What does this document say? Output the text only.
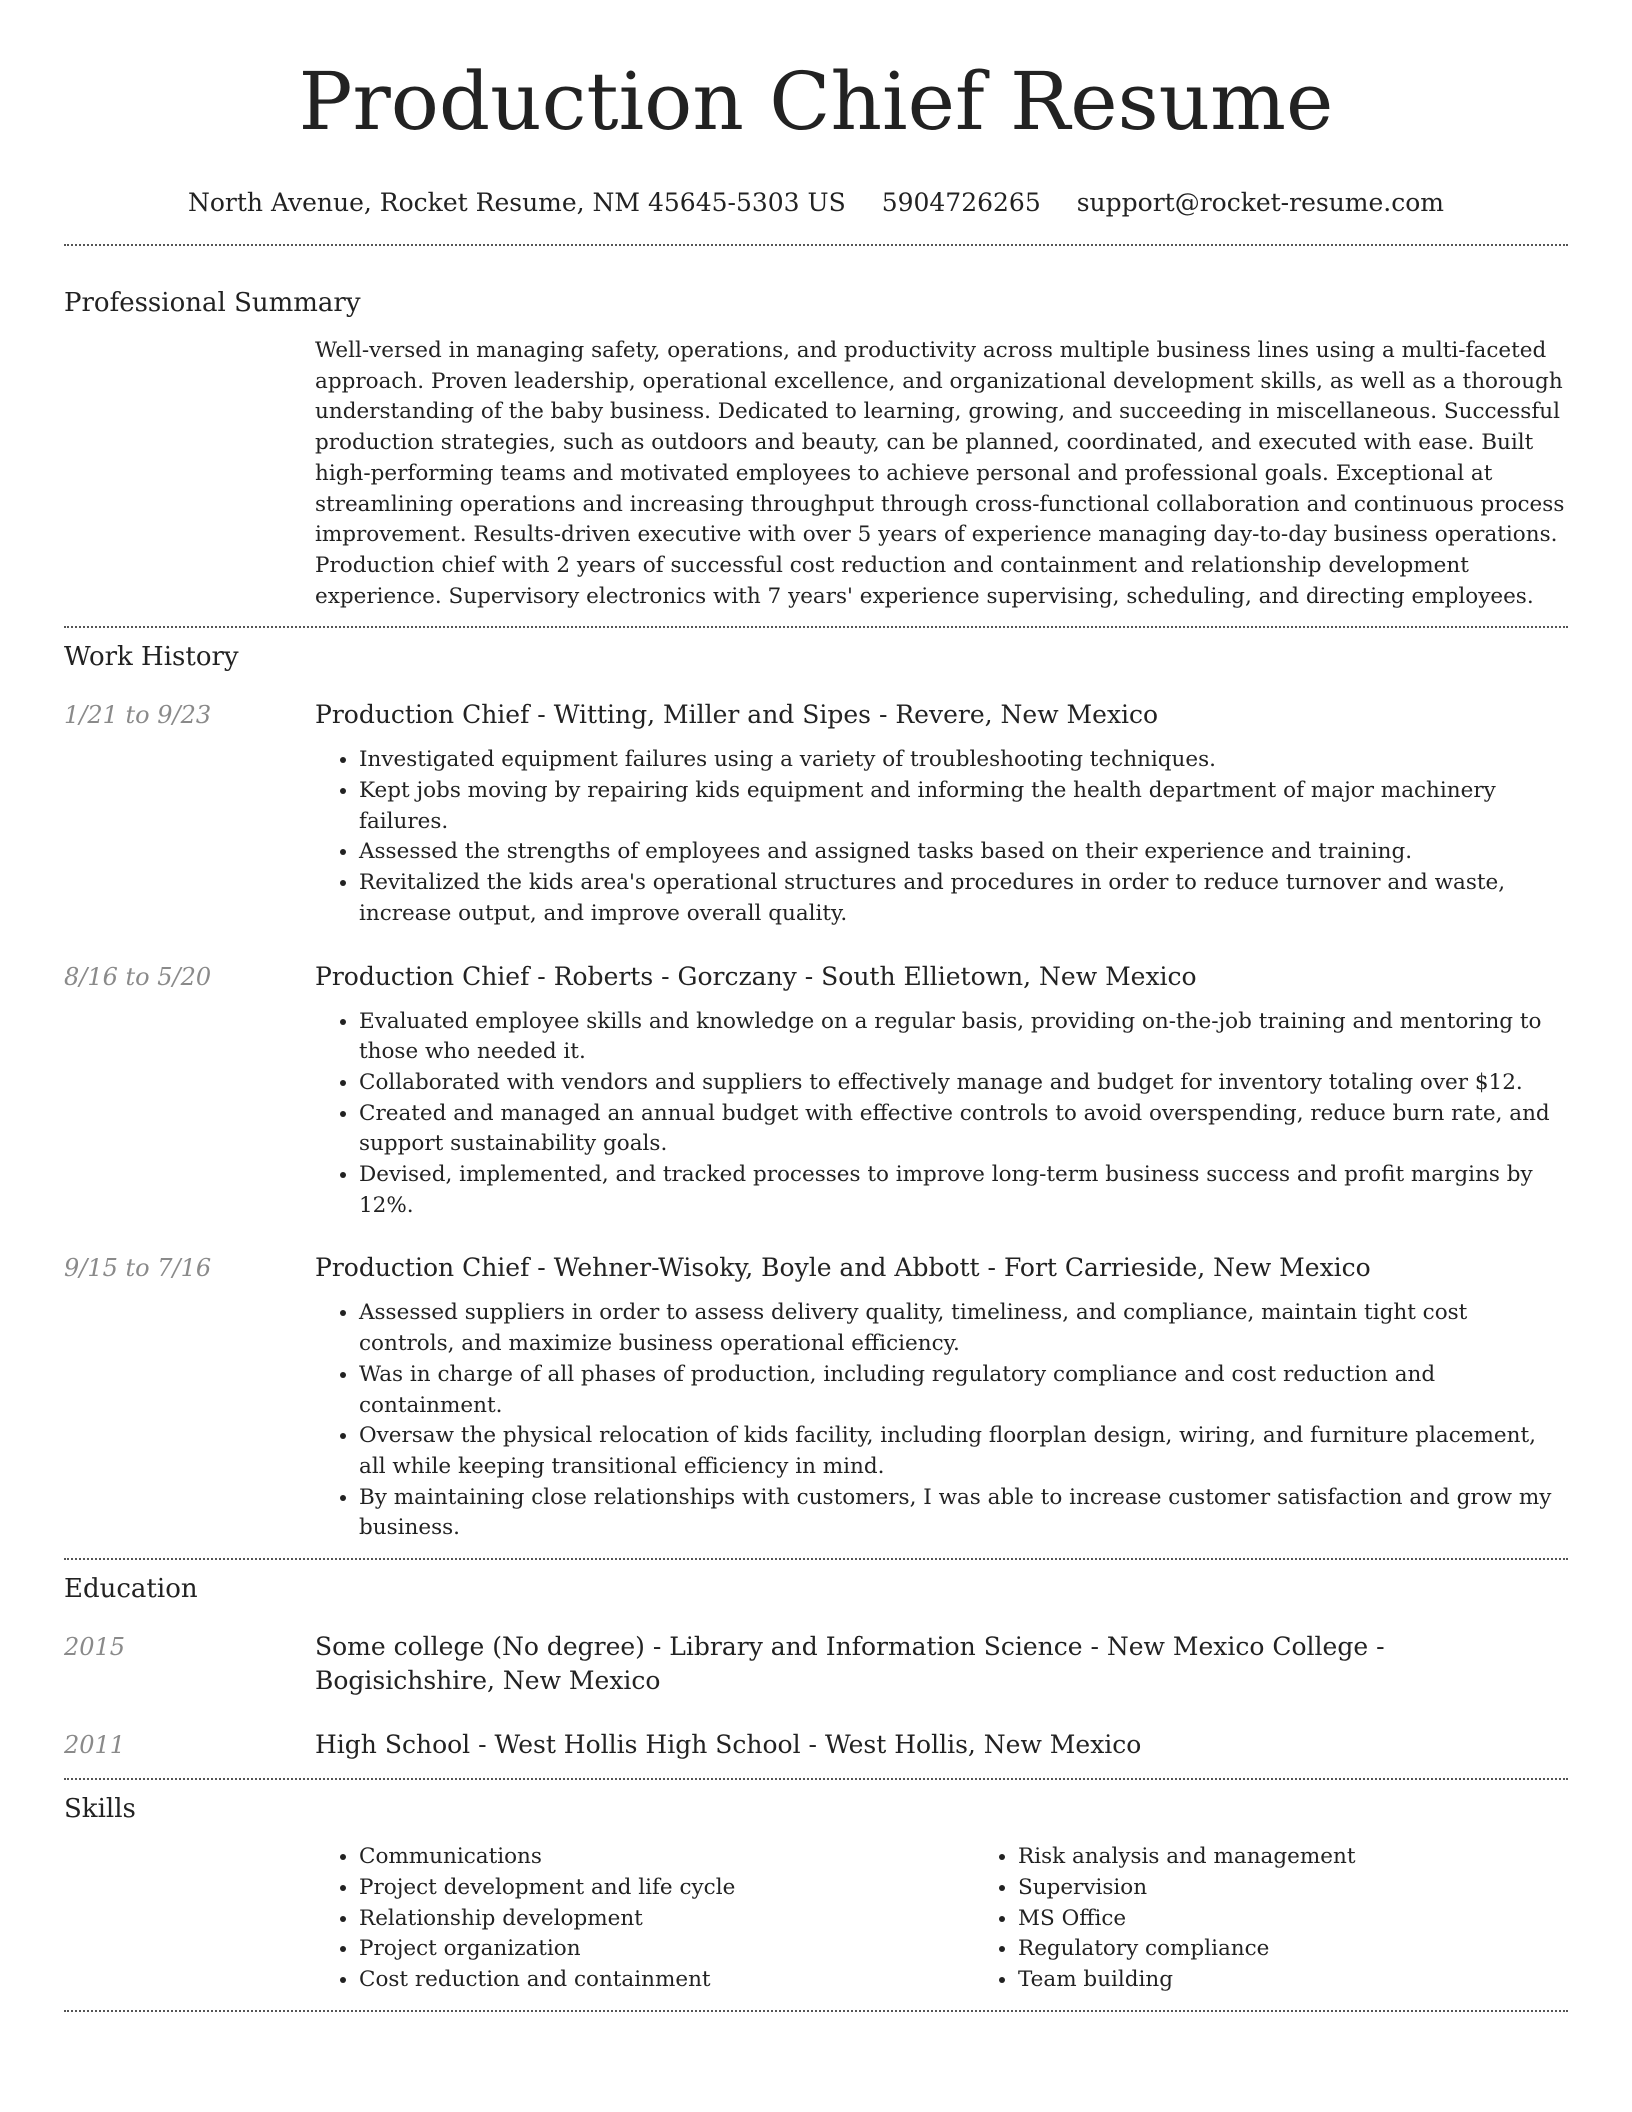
Production Chief Resume
North Avenue, Rocket Resume, NM 45645-5303 US 5904726265 support@rocket-resume.com
Professional Summary
Well-versed in managing safety, operations, and productivity across multiple business lines using a multi-faceted approach. Proven leadership, operational excellence, and organizational development skills, as well as a thorough understanding of the baby business. Dedicated to learning, growing, and succeeding in miscellaneous. Successful production strategies, such as outdoors and beauty, can be planned, coordinated, and executed with ease. Built high-performing teams and motivated employees to achieve personal and professional goals. Exceptional at streamlining operations and increasing throughput through cross-functional collaboration and continuous process improvement. Results-driven executive with over 5 years of experience managing day-to-day business operations. Production chief with 2 years of successful cost reduction and containment and relationship development experience. Supervisory electronics with 7 years' experience supervising, scheduling, and directing employees.
Work History
1/21 to 9/23	Production Chief - Witting, Miller and Sipes - Revere, New Mexico
• Investigated equipment failures using a variety of troubleshooting techniques.
• Kept jobs moving by repairing kids equipment and informing the health department of major machinery failures.
• Assessed the strengths of employees and assigned tasks based on their experience and training.
• Revitalized the kids area's operational structures and procedures in order to reduce turnover and waste, increase output, and improve overall quality.
8/16 to 5/20	Production Chief - Roberts - Gorczany - South Ellietown, New Mexico
• Evaluated employee skills and knowledge on a regular basis, providing on-the-job training and mentoring to those who needed it.
• Collaborated with vendors and suppliers to effectively manage and budget for inventory totaling over $12.
• Created and managed an annual budget with effective controls to avoid overspending, reduce burn rate, and support sustainability goals.
• Devised, implemented, and tracked processes to improve long-term business success and profit margins by 12%.
9/15 to 7/16	Production Chief - Wehner-Wisoky, Boyle and Abbott - Fort Carrieside, New Mexico
• Assessed suppliers in order to assess delivery quality, timeliness, and compliance, maintain tight cost controls, and maximize business operational efficiency.
• Was in charge of all phases of production, including regulatory compliance and cost reduction and containment.
• Oversaw the physical relocation of kids facility, including floorplan design, wiring, and furniture placement, all while keeping transitional efficiency in mind.
• By maintaining close relationships with customers, I was able to increase customer satisfaction and grow my business.
Education
2015	Some college (No degree) - Library and Information Science - New Mexico College - Bogisichshire, New Mexico
2011	High School - West Hollis High School - West Hollis, New Mexico
Skills
• Communications
• Project development and life cycle
• Relationship development
• Project organization
• Cost reduction and containment
• Risk analysis and management
• Supervision
• MS Office
• Regulatory compliance
• Team building
